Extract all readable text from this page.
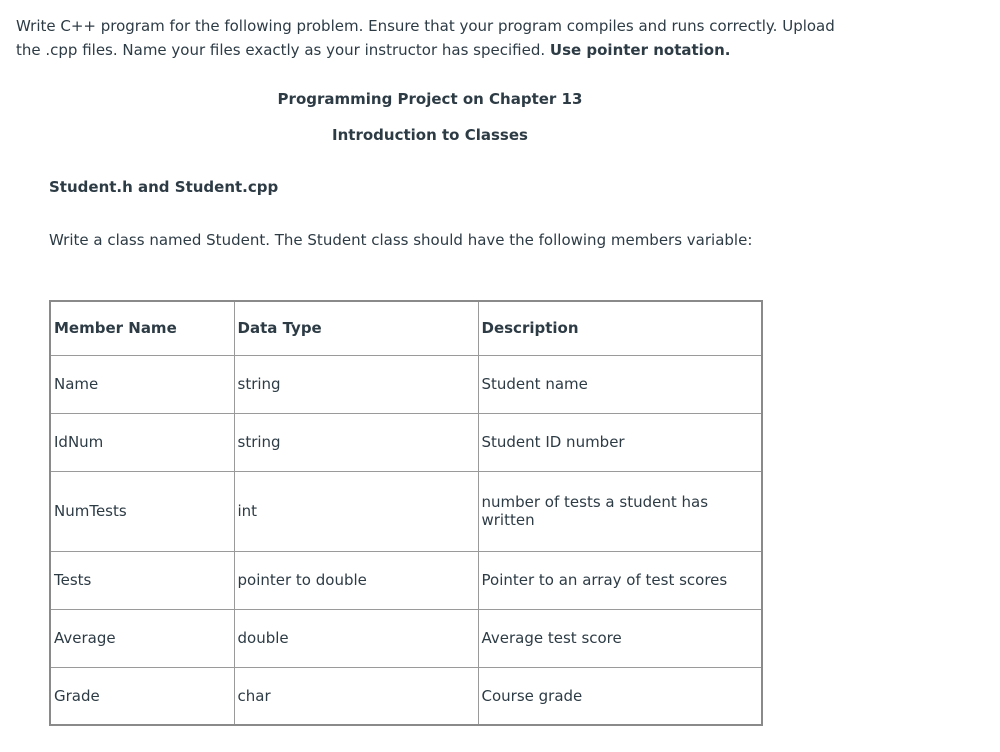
Write C++ program for the following problem. Ensure that your program compiles and runs correctly. Upload the .cpp files. Name your files exactly as your instructor has specified. Use pointer notation.
Programming Project on Chapter 13
Introduction to Classes
Student.h and Student.cpp
Write a class named Student. The Student class should have the following members variable:
Member Name	Data Type	Description
Name	string	Student name
IdNum	string	Student ID number
NumTests	int	number of tests a student has written
Tests	pointer to double	Pointer to an array of test scores
Average	double	Average test score
Grade	char	Course grade
